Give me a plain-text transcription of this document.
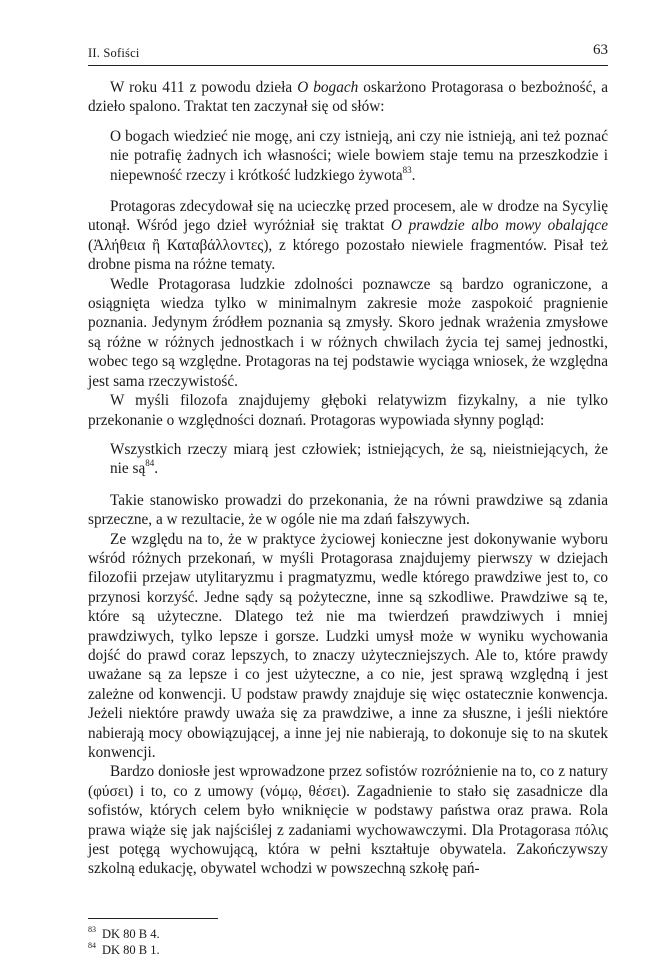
II. Sofiści	63

W roku 411 z powodu dzieła O bogach oskarżono Protagorasa o bezbożność, a dzieło spalono. Traktat ten zaczynał się od słów:

O bogach wiedzieć nie mogę, ani czy istnieją, ani czy nie istnieją, ani też poznać nie potrafię żadnych ich własności; wiele bowiem staje temu na przeszkodzie i niepewność rzeczy i krótkość ludzkiego żywota$^{83}$.

Protagoras zdecydował się na ucieczkę przed procesem, ale w drodze na Sycylię utonął. Wśród jego dzieł wyróżniał się traktat O prawdzie albo mowy obalające (Ἀλήθεια ἢ Καταβάλλοντες), z którego pozostało niewiele fragmentów. Pisał też drobne pisma na różne tematy.

Wedle Protagorasa ludzkie zdolności poznawcze są bardzo ograniczone, a osiągnięta wiedza tylko w minimalnym zakresie może zaspokoić pragnienie poznania. Jedynym źródłem poznania są zmysły. Skoro jednak wrażenia zmysłowe są różne w różnych jednostkach i w różnych chwilach życia tej samej jednostki, wobec tego są względne. Protagoras na tej podstawie wyciąga wniosek, że względna jest sama rzeczywistość.

W myśli filozofa znajdujemy głęboki relatywizm fizykalny, a nie tylko przekonanie o względności doznań. Protagoras wypowiada słynny pogląd:

Wszystkich rzeczy miarą jest człowiek; istniejących, że są, nieistniejących, że nie $są^{84}$.

Takie stanowisko prowadzi do przekonania, że na równi prawdziwe są zdania sprzeczne, a w rezultacie, że w ogóle nie ma zdań fałszywych.

Ze względu na to, że w praktyce życiowej konieczne jest dokonywanie wyboru wśród różnych przekonań, w myśli Protagorasa znajdujemy pierwszy w dziejach filozofii przejaw utylitaryzmu i pragmatyzmu, wedle którego prawdziwe jest to, co przynosi korzyść. Jedne sądy są pożyteczne, inne są szkodliwe. Prawdziwe są te, które są użyteczne. Dlatego też nie ma twierdzeń prawdziwych i mniej prawdziwych, tylko lepsze i gorsze. Ludzki umysł może w wyniku wychowania dojść do prawd coraz lepszych, to znaczy użyteczniejszych. Ale to, które prawdy uważane są za lepsze i co jest użyteczne, a co nie, jest sprawą względną i jest zależne od konwencji. U podstaw prawdy znajduje się więc ostatecznie konwencja. Jeżeli niektóre prawdy uważa się za prawdziwe, a inne za słuszne, i jeśli niektóre nabierają mocy obowiązującej, a inne jej nie nabierają, to dokonuje się to na skutek konwencji.

Bardzo doniosłe jest wprowadzone przez sofistów rozróżnienie na to, co z natury (φύσει) i to, co z umowy (νόμῳ, θέσει). Zagadnienie to stało się zasadnicze dla sofistów, których celem było wniknięcie w podstawy państwa oraz prawa. Rola prawa wiąże się jak najściślej z zadaniami wychowawczymi. Dla Protagorasa πόλις jest potęgą wychowującą, która w pełni kształtuje obywatela. Zakończywszy szkolną edukację, obywatel wchodzi w powszechną szkołę pań-

$^{83}$ DK 80 B 4.
$^{84}$ DK 80 B 1.
